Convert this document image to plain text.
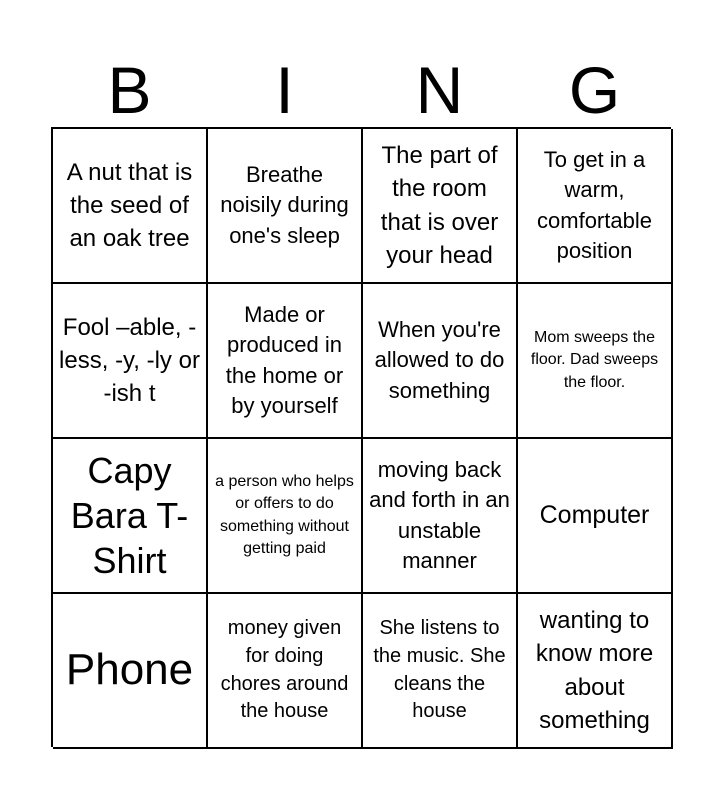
B	I	N	G
A nut that is the seed of an oak tree
Breathe noisily during one's sleep
The part of the room that is over your head
To get in a warm, comfortable position
Fool –able, -less, -y, -ly or -ish t
Made or produced in the home or by yourself
When you're allowed to do something
Mom sweeps the floor. Dad sweeps the floor.
Capy Bara T-Shirt
a person who helps or offers to do something without getting paid
moving back and forth in an unstable manner
Computer
Phone
money given for doing chores around the house
She listens to the music. She cleans the house
wanting to know more about something
